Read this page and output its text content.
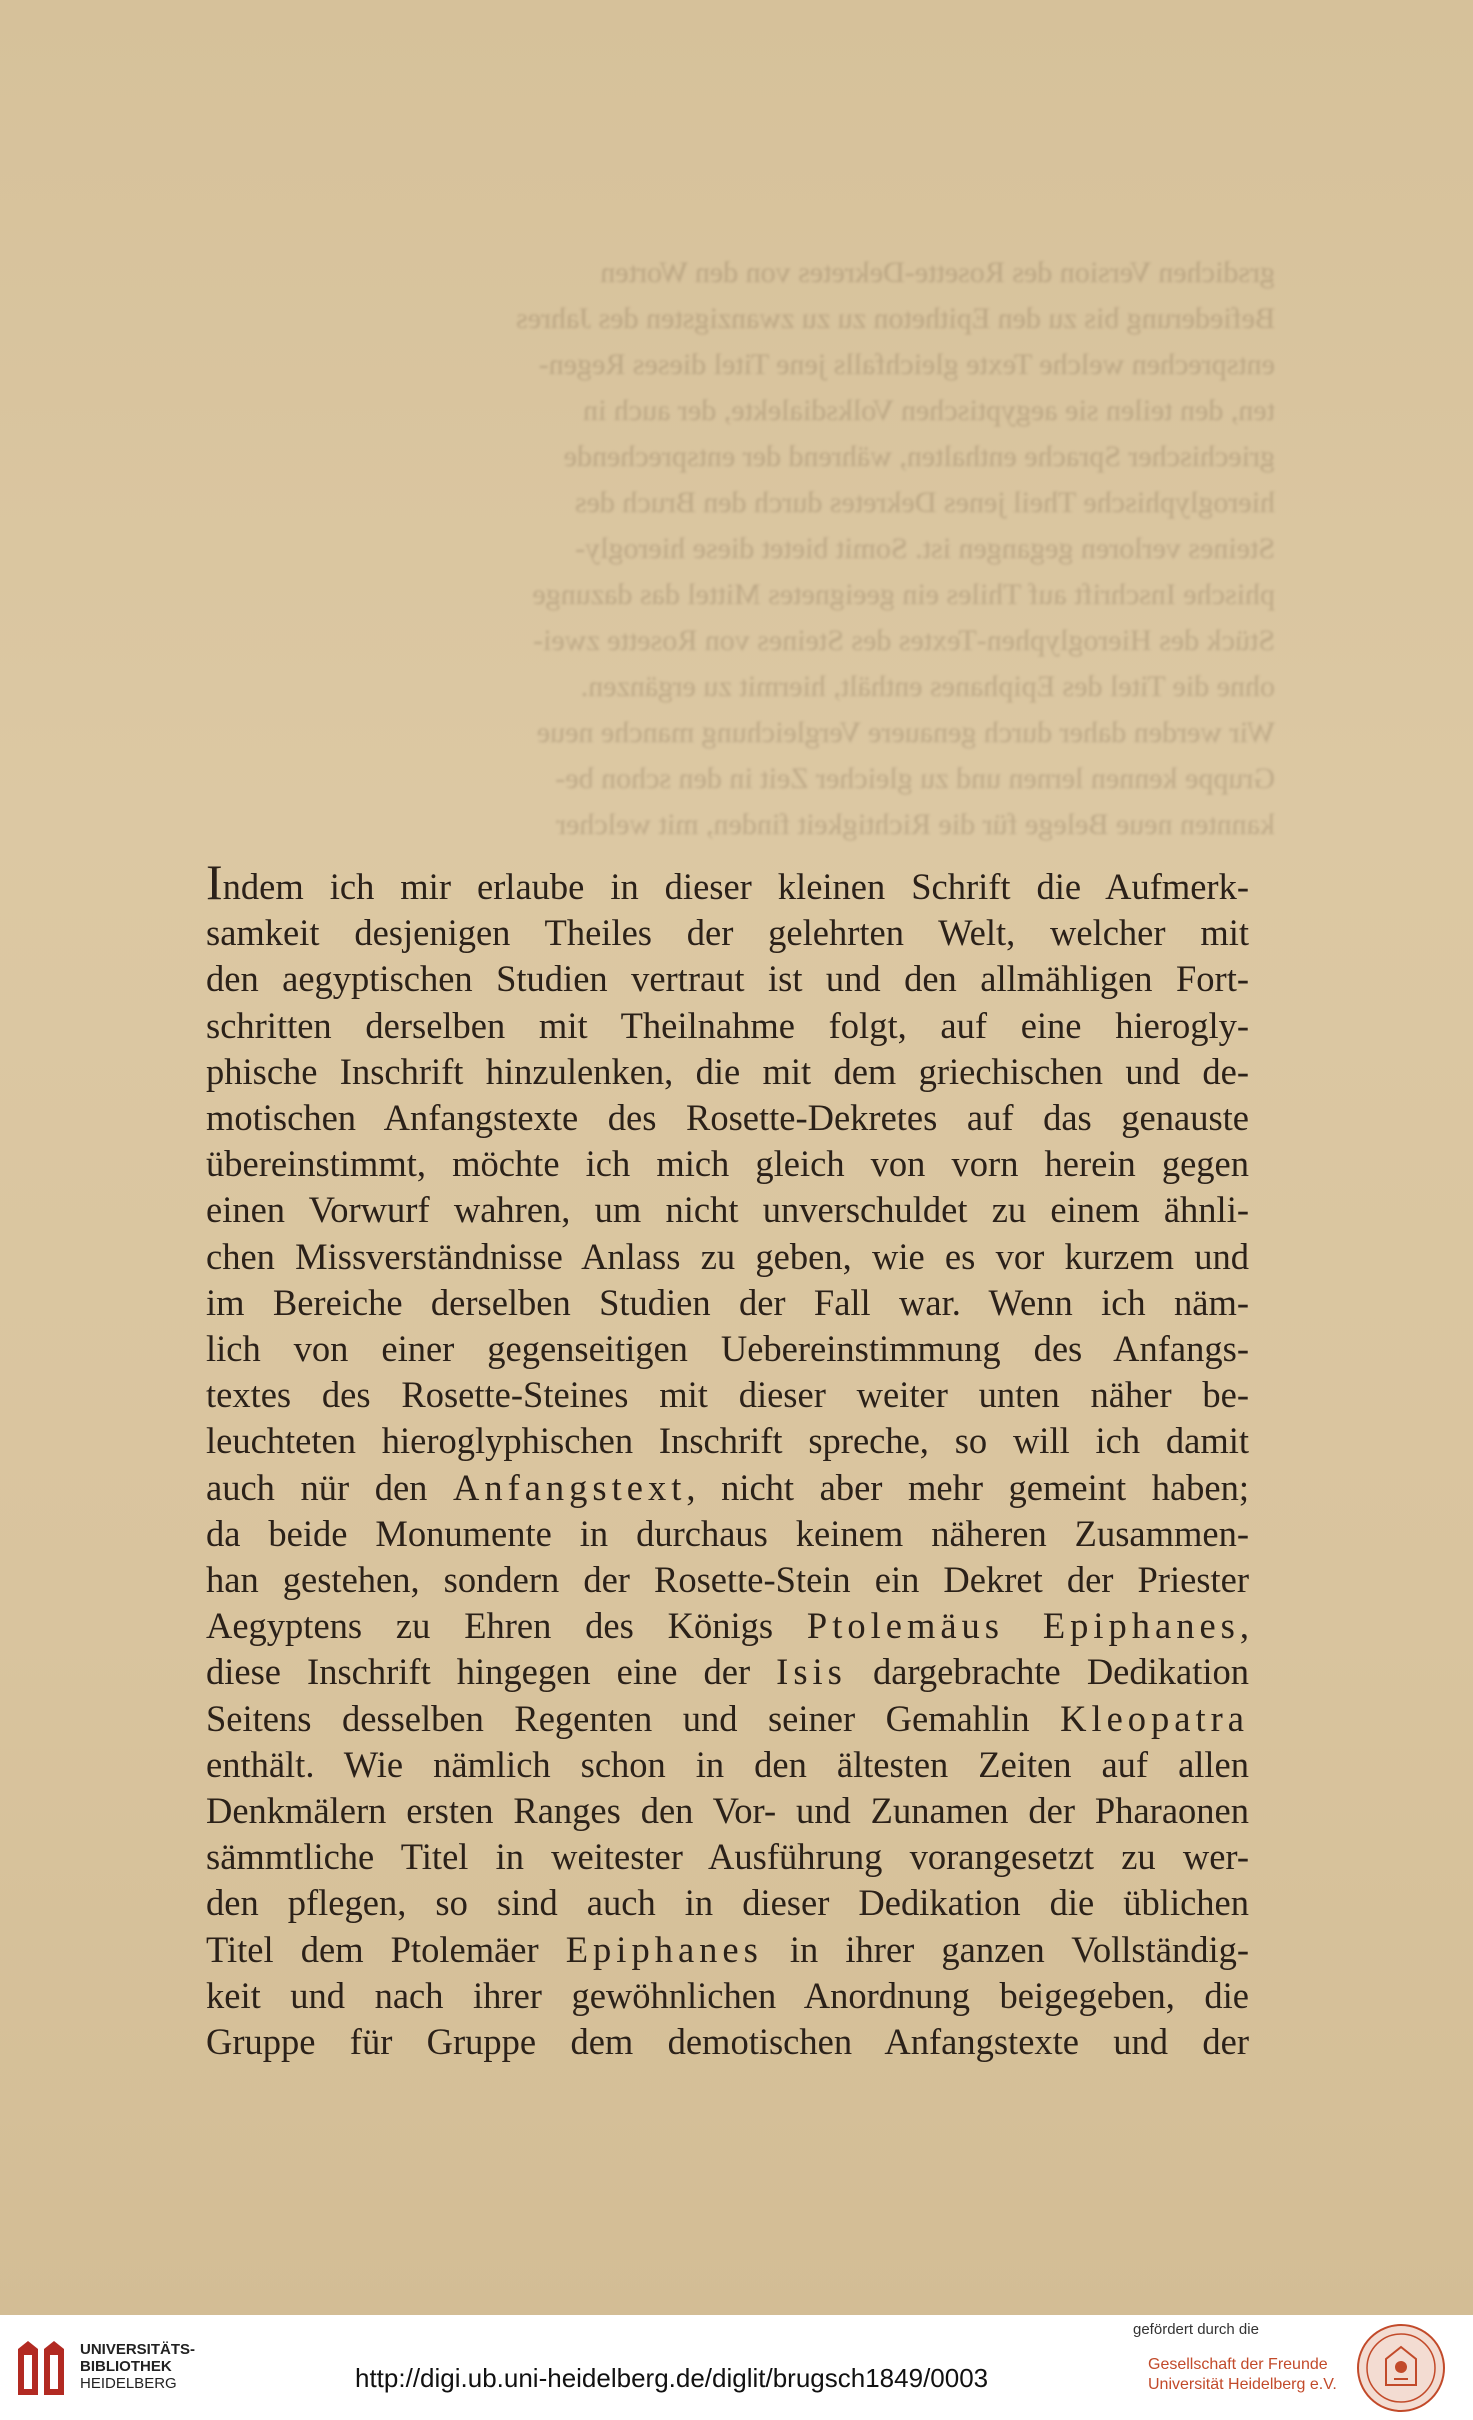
grsdichen Version des Rosette-Dekretes von den Worten
Befiederung bis zu den Epitheton zu zu zwanzigsten des Jahres
entsprechen welche Texte gleichfalls jene Titel dieses Regen-
ten, den teilen sie aegyptischen Volksdialekte, der auch in
griechischer Sprache enthalten, während der entsprechende
hieroglyphische Theil jenes Dekretes durch den Bruch des
Steines verloren gegangen ist. Somit bietet diese hierogly-
phische Inschrift auf Thiles ein geeignetes Mittel das dazunge
Stück des Hieroglyphen-Textes des Steines von Rosette zwei-
ohne die Titel des Epiphanes enthält, hiermit zu ergänzen.
Wir werden daher durch genauere Vergleichung manche neue
Gruppe kennen lernen und zu gleicher Zeit in den schon be-
kannten neue Belege für die Richtigkeit finden, mit welcher
Indem ich mir erlaube in dieser kleinen Schrift die Aufmerk-
samkeit desjenigen Theiles der gelehrten Welt, welcher mit
den aegyptischen Studien vertraut ist und den allmähligen Fort-
schritten derselben mit Theilnahme folgt, auf eine hierogly-
phische Inschrift hinzulenken, die mit dem griechischen und de-
motischen Anfangstexte des Rosette-Dekretes auf das genauste
übereinstimmt, möchte ich mich gleich von vorn herein gegen
einen Vorwurf wahren, um nicht unverschuldet zu einem ähnli-
chen Missverständnisse Anlass zu geben, wie es vor kurzem und
im Bereiche derselben Studien der Fall war. Wenn ich näm-
lich von einer gegenseitigen Uebereinstimmung des Anfangs-
textes des Rosette-Steines mit dieser weiter unten näher be-
leuchteten hieroglyphischen Inschrift spreche, so will ich damit
auch nür den Anfangstext, nicht aber mehr gemeint haben;
da beide Monumente in durchaus keinem näheren Zusammen-
han gestehen, sondern der Rosette-Stein ein Dekret der Priester
Aegyptens zu Ehren des Königs Ptolemäus Epiphanes,
diese Inschrift hingegen eine der Isis dargebrachte Dedikation
Seitens desselben Regenten und seiner Gemahlin Kleopatra
enthält. Wie nämlich schon in den ältesten Zeiten auf allen
Denkmälern ersten Ranges den Vor- und Zunamen der Pharaonen
sämmtliche Titel in weitester Ausführung vorangesetzt zu wer-
den pflegen, so sind auch in dieser Dedikation die üblichen
Titel dem Ptolemäer Epiphanes in ihrer ganzen Vollständig-
keit und nach ihrer gewöhnlichen Anordnung beigegeben, die
Gruppe für Gruppe dem demotischen Anfangstexte und der
UNIVERSITÄTS-
BIBLIOTHEK
HEIDELBERG	http://digi.ub.uni-heidelberg.de/diglit/brugsch1849/0003
gefördert durch die
Gesellschaft der Freunde
Universität Heidelberg e.V.
